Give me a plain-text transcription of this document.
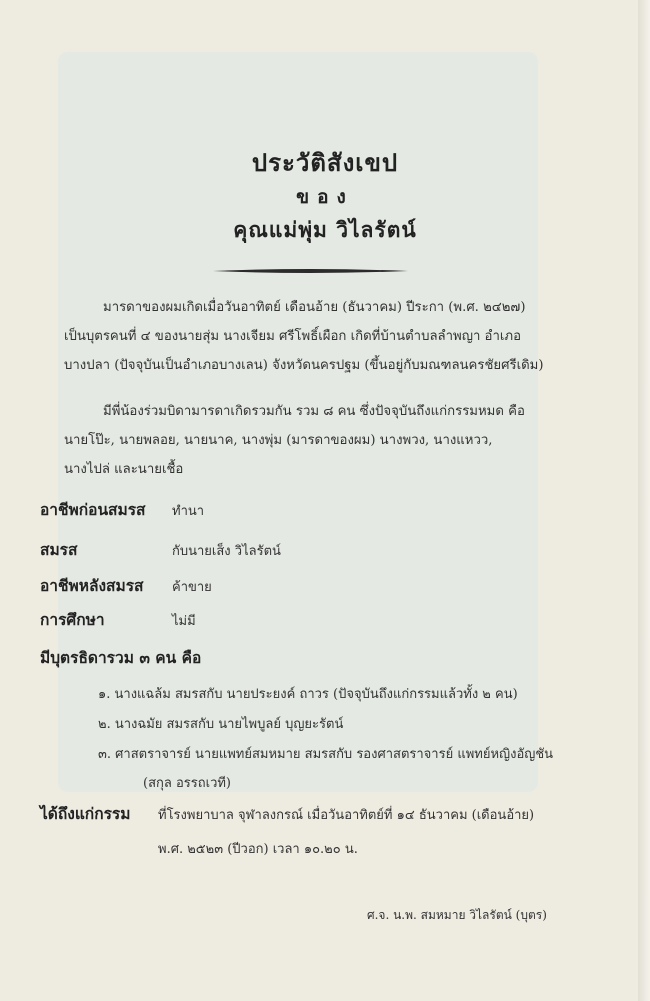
ประวัติสังเขป
ของ
คุณแม่พุ่ม วิไลรัตน์
มารดาของผมเกิดเมื่อวันอาทิตย์ เดือนอ้าย (ธันวาคม) ปีระกา (พ.ศ. ๒๔๒๗)
เป็นบุตรคนที่ ๔ ของนายสุ่ม นางเจียม ศรีโพธิ์เผือก เกิดที่บ้านตำบลลำพญา อำเภอ
บางปลา (ปัจจุบันเป็นอำเภอบางเลน) จังหวัดนครปฐม (ขึ้นอยู่กับมณฑลนครชัยศรีเดิม)
มีพี่น้องร่วมบิดามารดาเกิดรวมกัน รวม ๘ คน ซึ่งปัจจุบันถึงแก่กรรมหมด คือ
นายโป๊ะ, นายพลอย, นายนาค, นางพุ่ม (มารดาของผม) นางพวง, นางแหวว,
นางไปล่ และนายเชื้อ
อาชีพก่อนสมรส ทำนา
สมรส	กับนายเส็ง วิไลรัตน์
อาชีพหลังสมรส ค้าขาย
การศึกษา	ไม่มี
มีบุตรธิดารวม ๓ คน คือ
๑. นางแฉล้ม สมรสกับ นายประยงค์ ถาวร (ปัจจุบันถึงแก่กรรมแล้วทั้ง ๒ คน)
๒. นางฉมัย สมรสกับ นายไพบูลย์ บุญยะรัตน์
๓. ศาสตราจารย์ นายแพทย์สมหมาย สมรสกับ รองศาสตราจารย์ แพทย์หญิงอัญชัน
(สกุล อรรถเวที)
ได้ถึงแก่กรรม ที่โรงพยาบาล จุฬาลงกรณ์ เมื่อวันอาทิตย์ที่ ๑๔ ธันวาคม (เดือนอ้าย)
พ.ศ. ๒๕๒๓ (ปีวอก) เวลา ๑๐.๒๐ น.
ศ.จ. น.พ. สมหมาย วิไลรัตน์ (บุตร)
